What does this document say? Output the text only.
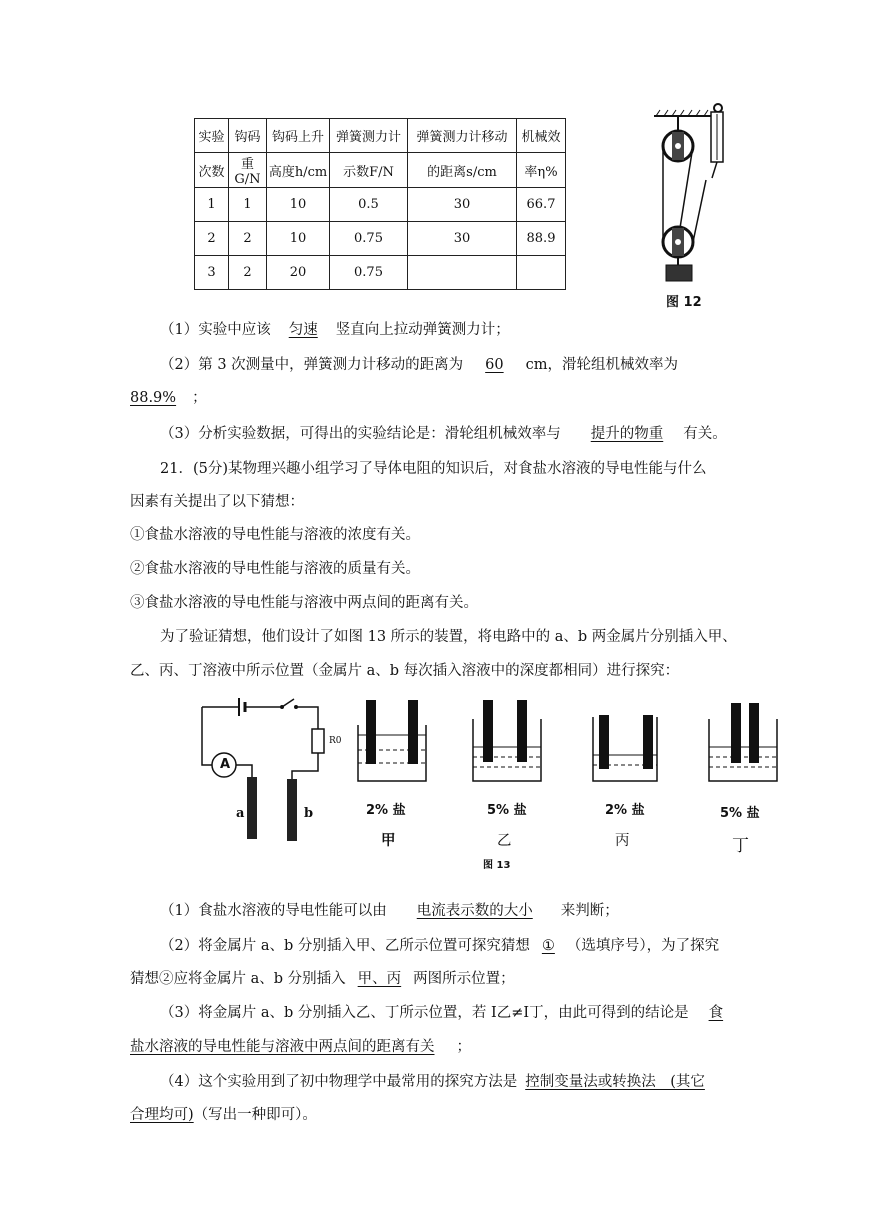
实验	钩码	钩码上升	弹簧测力计	弹簧测力计移动	机械效
次数	重G/N	高度h/cm	示数F/N	的距离s/cm	率η%
1	1	10	0.5	30	66.7
2	2	10	0.75	30	88.9
3	2	20	0.75		
图 12
（1）实验中应该 匀速 竖直向上拉动弹簧测力计；
（2）第 3 次测量中，弹簧测力计移动的距离为 60 cm，滑轮组机械效率为
88.9% ；
（3）分析实验数据，可得出的实验结论是：滑轮组机械效率与 提升的物重 有关。
21．(5分)某物理兴趣小组学习了导体电阻的知识后，对食盐水溶液的导电性能与什么
因素有关提出了以下猜想：
①食盐水溶液的导电性能与溶液的浓度有关。
②食盐水溶液的导电性能与溶液的质量有关。
③食盐水溶液的导电性能与溶液中两点间的距离有关。
为了验证猜想，他们设计了如图 13 所示的装置，将电路中的 a、b 两金属片分别插入甲、
乙、丙、丁溶液中所示位置（金属片 a、b 每次插入溶液中的深度都相同）进行探究：
A
R0
a	b	2% 盐	5% 盐	2% 盐	5% 盐
甲	乙	丙	丁
图 13
（1）食盐水溶液的导电性能可以由 电流表示数的大小 来判断；
（2）将金属片 a、b 分别插入甲、乙所示位置可探究猜想 ① （选填序号），为了探究
猜想②应将金属片 a、b 分别插入 甲、丙 两图所示位置；
（3）将金属片 a、b 分别插入乙、丁所示位置，若 I乙≠I丁，由此可得到的结论是 食
盐水溶液的导电性能与溶液中两点间的距离有关 ；
（4）这个实验用到了初中物理学中最常用的探究方法是 控制变量法或转换法　(其它
合理均可)（写出一种即可）。
